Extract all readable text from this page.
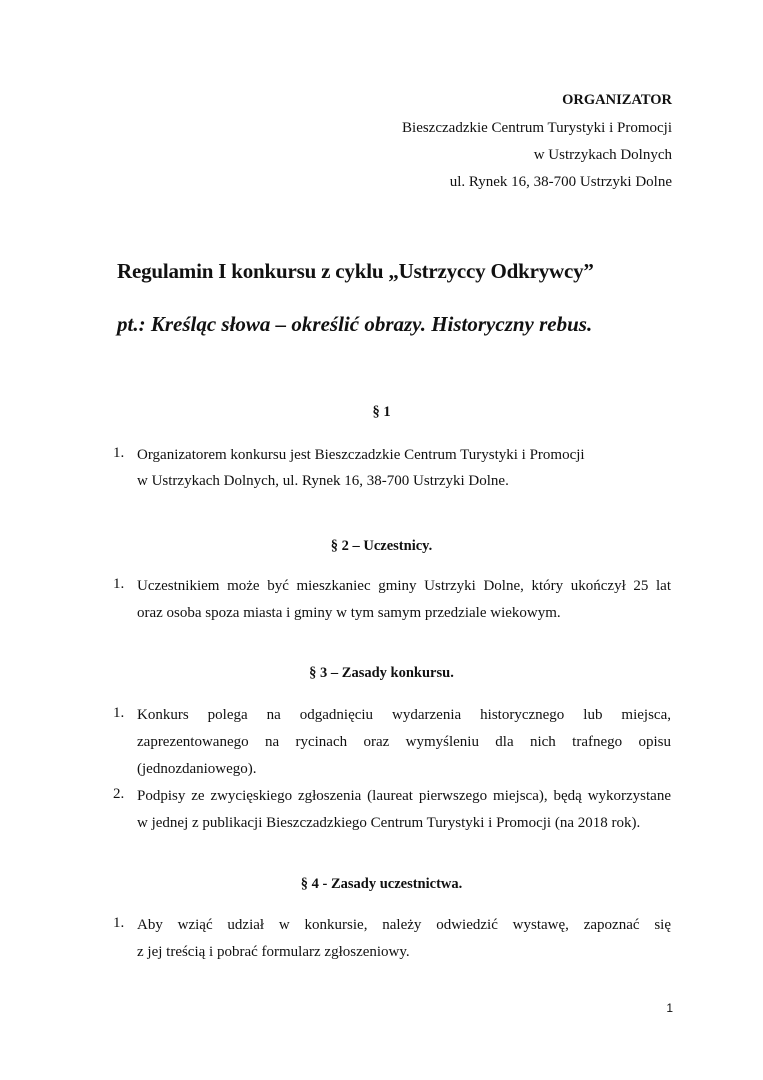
ORGANIZATOR
Bieszczadzkie Centrum Turystyki i Promocji
w Ustrzykach Dolnych
ul. Rynek 16, 38-700 Ustrzyki Dolne
Regulamin I konkursu z cyklu „Ustrzyccy Odkrywcy”
pt.: Kreśląc słowa – określić obrazy. Historyczny rebus.
§ 1
1. Organizatorem konkursu jest Bieszczadzkie Centrum Turystyki i Promocji
w Ustrzykach Dolnych, ul. Rynek 16, 38-700 Ustrzyki Dolne.
§ 2 – Uczestnicy.
1. Uczestnikiem może być mieszkaniec gminy Ustrzyki Dolne, który ukończył 25 lat
oraz osoba spoza miasta i gminy w tym samym przedziale wiekowym.
§ 3 – Zasady konkursu.
1. Konkurs polega na odgadnięciu wydarzenia historycznego lub miejsca,
zaprezentowanego na rycinach oraz wymyśleniu dla nich trafnego opisu
(jednozdaniowego).
2. Podpisy ze zwycięskiego zgłoszenia (laureat pierwszego miejsca), będą wykorzystane
w jednej z publikacji Bieszczadzkiego Centrum Turystyki i Promocji (na 2018 rok).
§ 4 - Zasady uczestnictwa.
1. Aby wziąć udział w konkursie, należy odwiedzić wystawę, zapoznać się
z jej treścią i pobrać formularz zgłoszeniowy.
1
